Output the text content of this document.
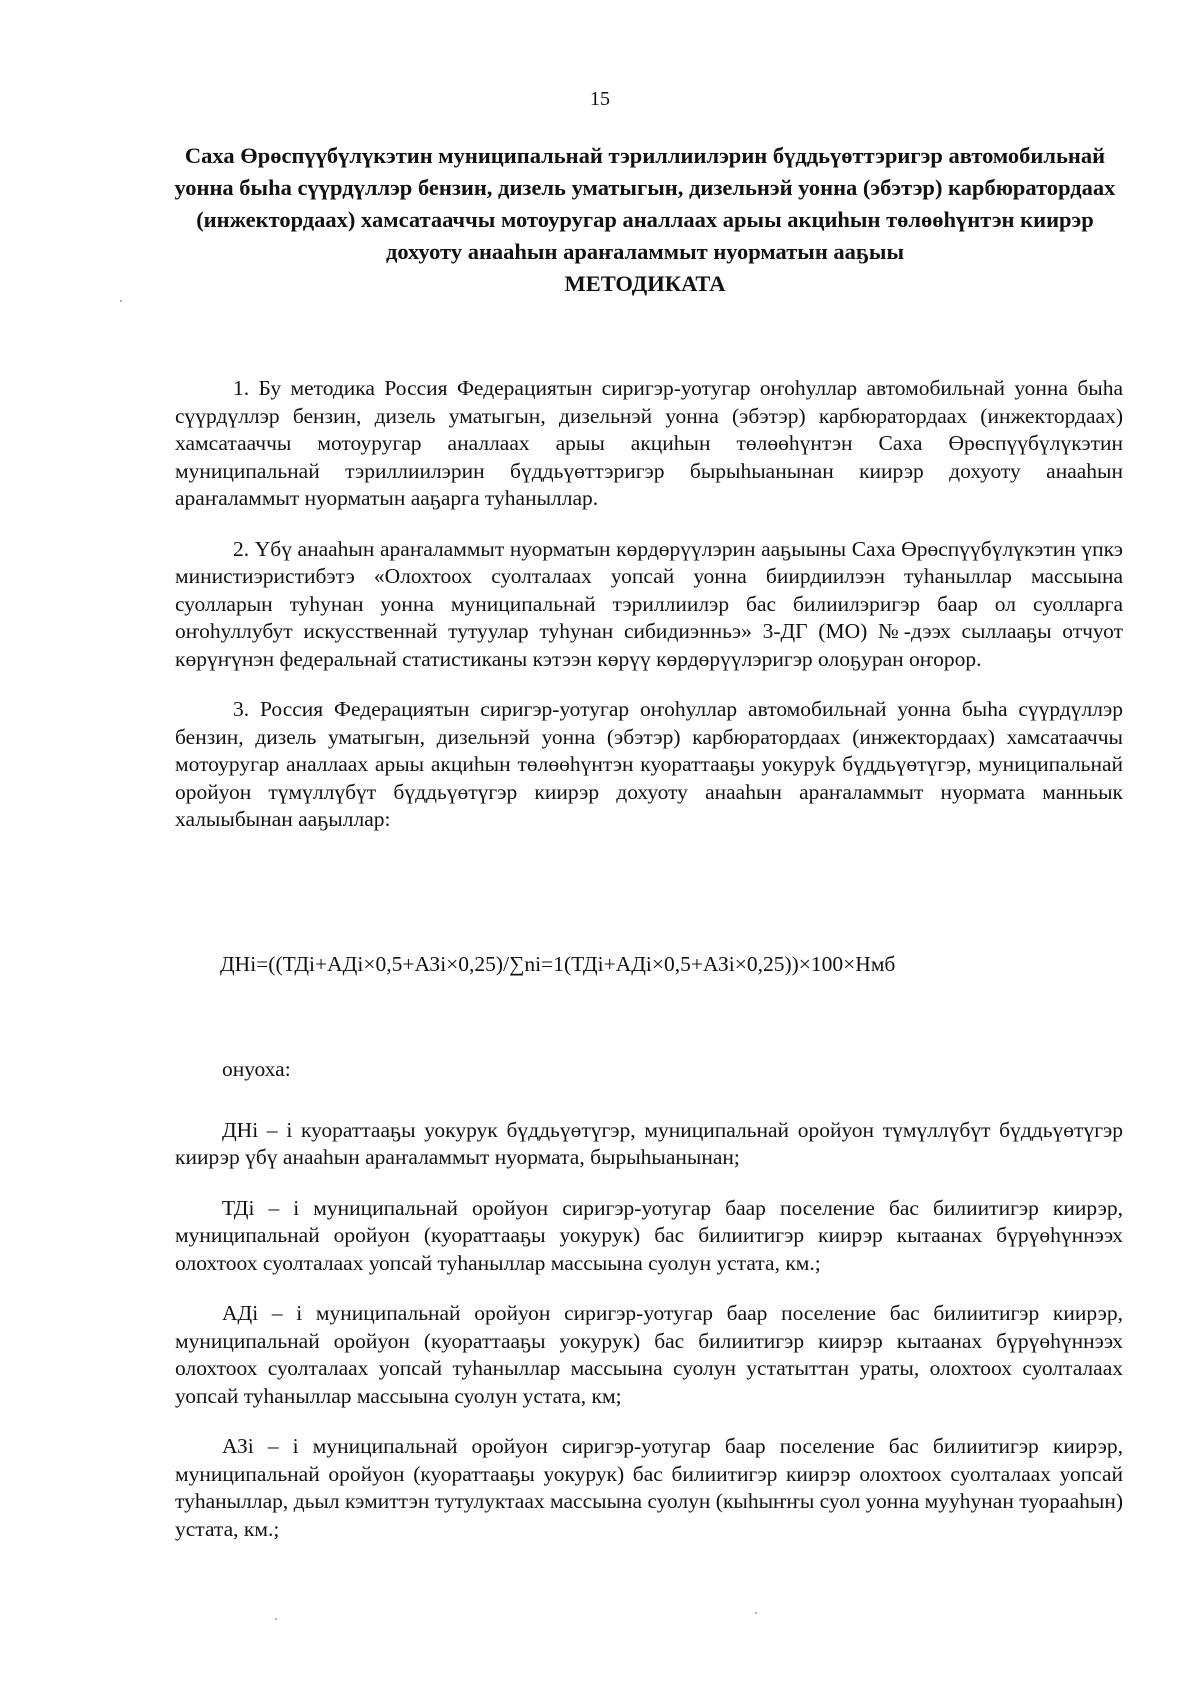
15
Саха Өрөспүүбүлүкэтин муниципальнай тэриллиилэрин бүддьүөттэригэр автомобильнай уонна быһа сүүрдүллэр бензин, дизель уматыгын, дизельнэй уонна (эбэтэр) карбюратордаах (инжектордаах) хамсатааччы мотоуругар аналлаах арыы акциһын төлөөһүнтэн киирэр дохуоту анааһын араҥаламмыт нуорматын ааҕыы
МЕТОДИКАТА

1. Бу методика Россия Федерациятын сиригэр-уотугар оҥоһуллар автомобильнай уонна быһа сүүрдүллэр бензин, дизель уматыгын, дизельнэй уонна (эбэтэр) карбюратордаах (инжектордаах) хамсатааччы мотоуругар аналлаах арыы акциһын төлөөһүнтэн Саха Өрөспүүбүлүкэтин муниципальнай тэриллиилэрин бүддьүөттэригэр бырыһыанынан киирэр дохуоту анааһын араҥаламмыт нуорматын ааҕарга туһаныллар.

2. Үбү анааһын араҥаламмыт нуорматын көрдөрүүлэрин ааҕыыны Саха Өрөспүүбүлүкэтин үпкэ министиэристибэтэ «Олохтоох суолталаах уопсай уонна биирдиилээн туһаныллар массыына суолларын туһунан уонна муниципальнай тэриллиилэр бас билиилэригэр баар ол суолларга оҥоһуллубут искусственнай тутуулар туһунан сибидиэнньэ» 3-ДГ (МО) №-дээх сыллааҕы отчуот көрүҥүнэн федеральнай статистиканы кэтээн көрүү көрдөрүүлэригэр олоҕуран оҥорор.

3. Россия Федерациятын сиригэр-уотугар оҥоһуллар автомобильнай уонна быһа сүүрдүллэр бензин, дизель уматыгын, дизельнэй уонна (эбэтэр) карбюратордаах (инжектордаах) хамсатааччы мотоуругар аналлаах арыы акциһын төлөөһүнтэн куораттааҕы уокуруk бүддьүөтүгэр, муниципальнай оройуон түмүллүбүт бүддьүөтүгэр киирэр дохуоту анааһын араҥаламмыт нуормата манньык халыыбынан ааҕыллар:

ДНi=((ТДi+АДi×0,5+АЗi×0,25)/∑ni=1(ТДi+АДi×0,5+АЗi×0,25))×100×Нмб

онуоха:

ДНi – i куораттааҕы уокурук бүддьүөтүгэр, муниципальнай оройуон түмүллүбүт бүддьүөтүгэр киирэр үбү анааһын араҥаламмыт нуормата, бырыһыанынан;

ТДi – i муниципальнай оройуон сиригэр-уотугар баар поселение бас билиитигэр киирэр, муниципальнай оройуон (куораттааҕы уокурук) бас билиитигэр киирэр кытаанах бүрүөһүннээх олохтоох суолталаах уопсай туһаныллар массыына суолун устата, км.;

АДi – i муниципальнай оройуон сиригэр-уотугар баар поселение бас билиитигэр киирэр, муниципальнай оройуон (куораттааҕы уокурук) бас билиитигэр киирэр кытаанах бүрүөһүннээх олохтоох суолталаах уопсай туһаныллар массыына суолун устатыттан ураты, олохтоох суолталаах уопсай туһаныллар массыына суолун устата, км;

АЗi – i муниципальнай оройуон сиригэр-уотугар баар поселение бас билиитигэр киирэр, муниципальнай оройуон (куораттааҕы уокурук) бас билиитигэр киирэр олохтоох суолталаах уопсай туһаныллар, дьыл кэмиттэн тутулуктаах массыына суолун (кыһыҥҥы суол уонна мууһунан туорааһын) устата, км.;
